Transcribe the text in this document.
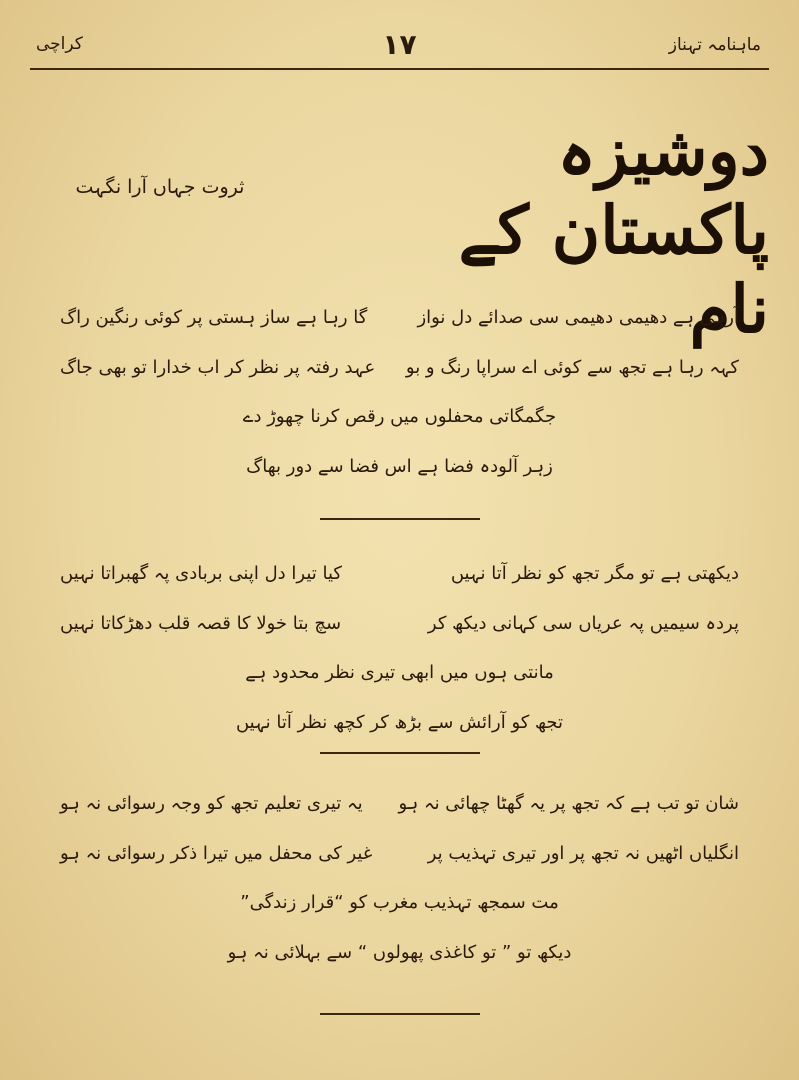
ماہنامہ تہناز
۱۷
کراچی
دوشیزہ پاکستان کے نام
ثروت جہاں آرا نگہت
آرہی ہے دھیمی دھیمی سی صدائے دل نواز
گا رہا ہے ساز ہستی پر کوئی رنگین راگ
کہہ رہا ہے تجھ سے کوئی اے سراپا رنگ و بو
عہد رفتہ پر نظر کر اب خدارا تو بھی جاگ
جگمگاتی محفلوں میں رقص کرنا چھوڑ دے
زہر آلودہ فضا ہے اس فضا سے دور بھاگ
دیکھتی ہے تو مگر تجھ کو نظر آتا نہیں
کیا تیرا دل اپنی بربادی پہ گھبراتا نہیں
پردہ سیمیں پہ عریاں سی کہانی دیکھ کر
سچ بتا خولا کا قصہ قلب دھڑکاتا نہیں
مانتی ہوں میں ابھی تیری نظر محدود ہے
تجھ کو آرائش سے بڑھ کر کچھ نظر آتا نہیں
شان تو تب ہے کہ تجھ پر یہ گھٹا چھائی نہ ہو
یہ تیری تعلیم تجھ کو وجہ رسوائی نہ ہو
انگلیاں اٹھیں نہ تجھ پر اور تیری تہذیب پر
غیر کی محفل میں تیرا ذکر رسوائی نہ ہو
مت سمجھ تہذیب مغرب کو “قرار زندگی”
دیکھ تو ” تو کاغذی پھولوں “ سے بہلائی نہ ہو
